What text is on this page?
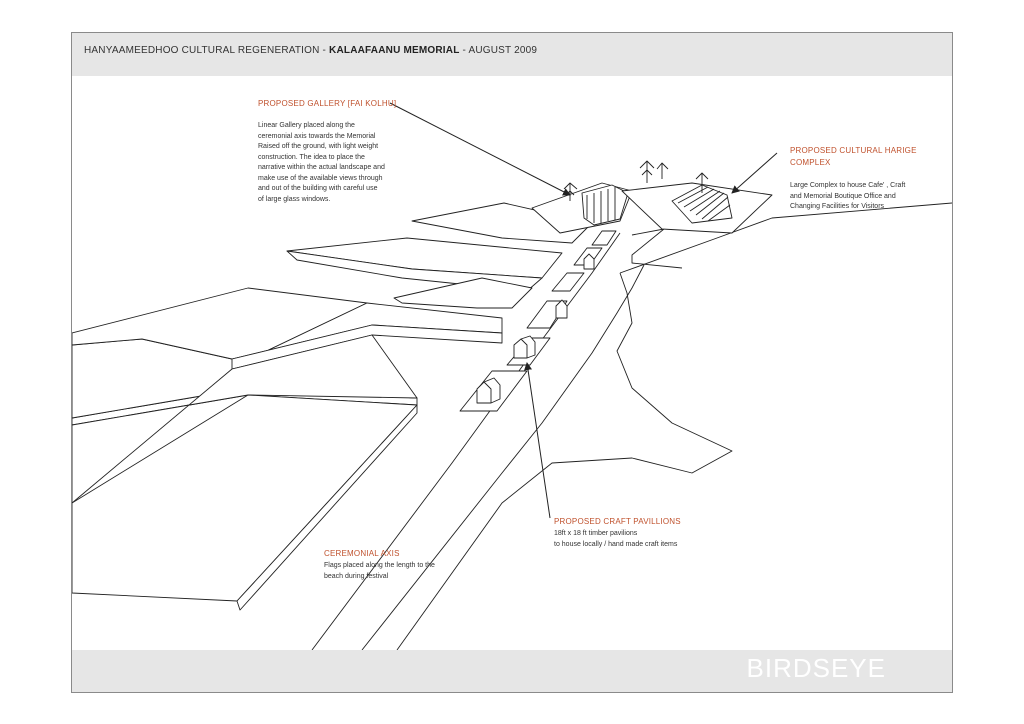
HANYAAMEEDHOO CULTURAL REGENERATION - KALAAFAANU MEMORIAL - AUGUST 2009
PROPOSED GALLERY [FAI KOLHU]
Linear Gallery placed along the
ceremonial axis towards the Memorial
Raised off the ground, with light weight
construction. The idea to place the
narrative within the actual landscape and
make use of the available views through
and out of the building with careful use
of large glass windows.
PROPOSED CULTURAL HARIGE
COMPLEX
Large Complex to house Cafe' , Craft
and Memorial Boutique Office and
Changing Facilities for Visitors
PROPOSED CRAFT PAVILLIONS
18ft x 18 ft timber pavilions
to house locally / hand made craft items
CEREMONIAL AXIS
Flags placed along the length to the
beach during festival
BIRDSEYE
